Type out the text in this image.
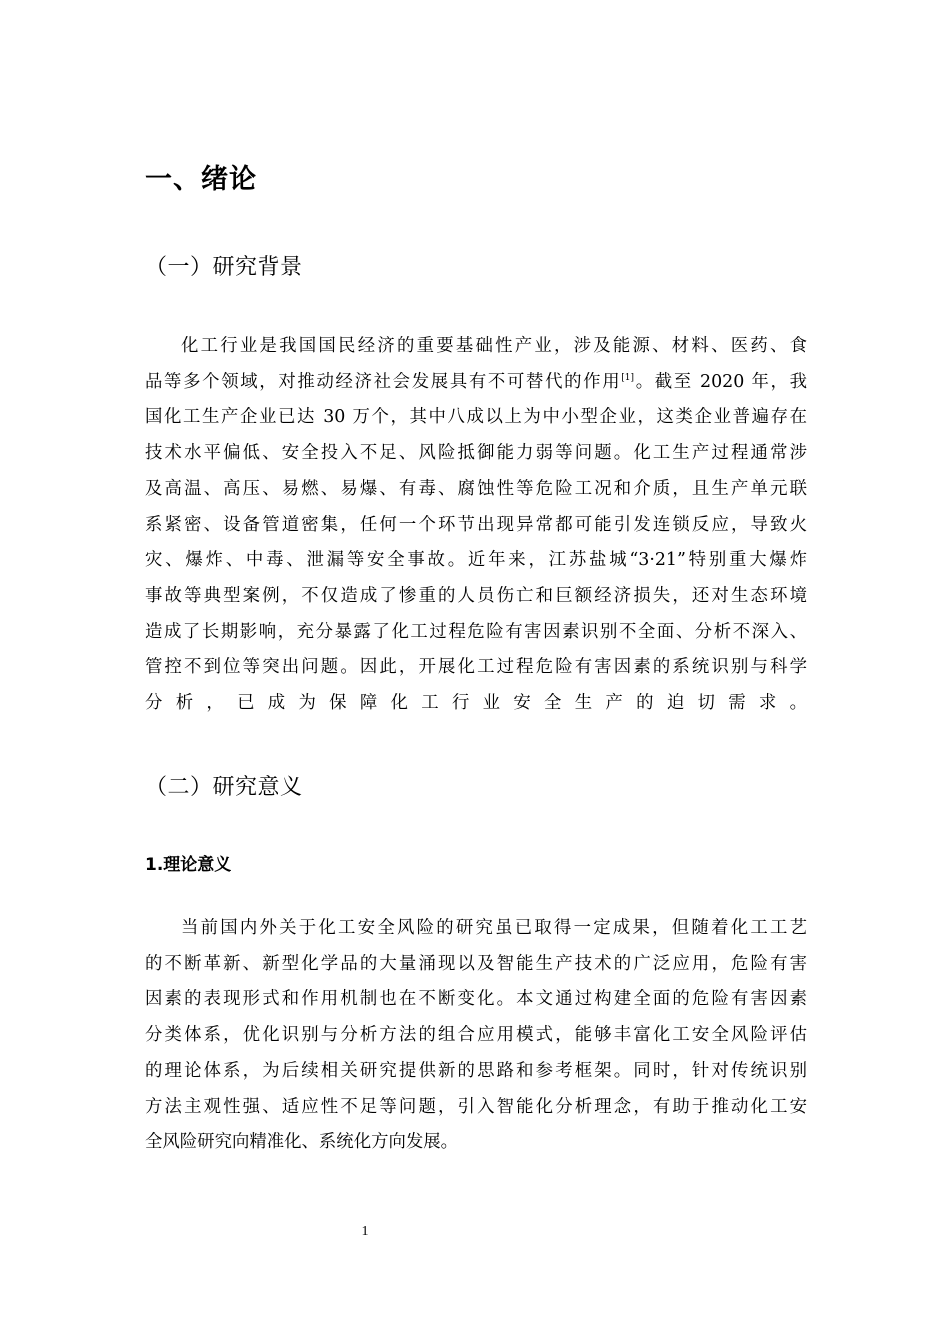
一、绪论
（一）研究背景
化工行业是我国国民经济的重要基础性产业，涉及能源、材料、医药、食
品等多个领域，对推动经济社会发展具有不可替代的作用[1]。截至 2020 年，我
国化工生产企业已达 30 万个，其中八成以上为中小型企业，这类企业普遍存在
技术水平偏低、安全投入不足、风险抵御能力弱等问题。化工生产过程通常涉
及高温、高压、易燃、易爆、有毒、腐蚀性等危险工况和介质，且生产单元联
系紧密、设备管道密集，任何一个环节出现异常都可能引发连锁反应，导致火
灾、爆炸、中毒、泄漏等安全事故。近年来，江苏盐城“3·21”特别重大爆炸
事故等典型案例，不仅造成了惨重的人员伤亡和巨额经济损失，还对生态环境
造成了长期影响，充分暴露了化工过程危险有害因素识别不全面、分析不深入、
管控不到位等突出问题。因此，开展化工过程危险有害因素的系统识别与科学
分析，已成为保障化工行业安全生产的迫切需求。
（二）研究意义
1.理论意义
当前国内外关于化工安全风险的研究虽已取得一定成果，但随着化工工艺
的不断革新、新型化学品的大量涌现以及智能生产技术的广泛应用，危险有害
因素的表现形式和作用机制也在不断变化。本文通过构建全面的危险有害因素
分类体系，优化识别与分析方法的组合应用模式，能够丰富化工安全风险评估
的理论体系，为后续相关研究提供新的思路和参考框架。同时，针对传统识别
方法主观性强、适应性不足等问题，引入智能化分析理念，有助于推动化工安
全风险研究向精准化、系统化方向发展。
1
